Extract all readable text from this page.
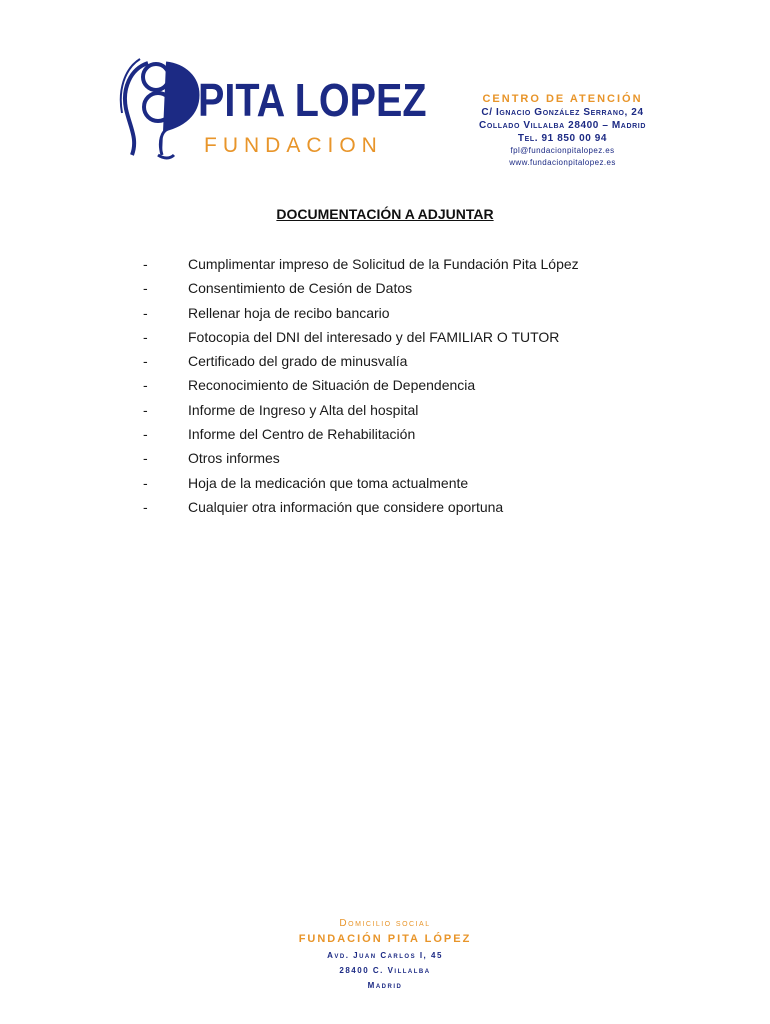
PITA LOPEZ
FUNDACION
CENTRO DE ATENCIÓN
C/ Ignacio González Serrano, 24
Collado Villalba 28400 – Madrid
Tel. 91 850 00 94
fpl@fundacionpitalopez.es
www.fundacionpitalopez.es
DOCUMENTACIÓN A ADJUNTAR
-	Cumplimentar impreso de Solicitud de la Fundación Pita López
-	Consentimiento de Cesión de Datos
-	Rellenar hoja de recibo bancario
-	Fotocopia del DNI del interesado y del FAMILIAR O TUTOR
-	Certificado del grado de minusvalía
-	Reconocimiento de Situación de Dependencia
-	Informe de Ingreso y Alta del hospital
-	Informe del Centro de Rehabilitación
-	Otros informes
-	Hoja de la medicación que toma actualmente
-	Cualquier otra información que considere oportuna
Domicilio social
FUNDACIÓN PITA LÓPEZ
Avd. Juan Carlos I, 45
28400 C. Villalba
Madrid
